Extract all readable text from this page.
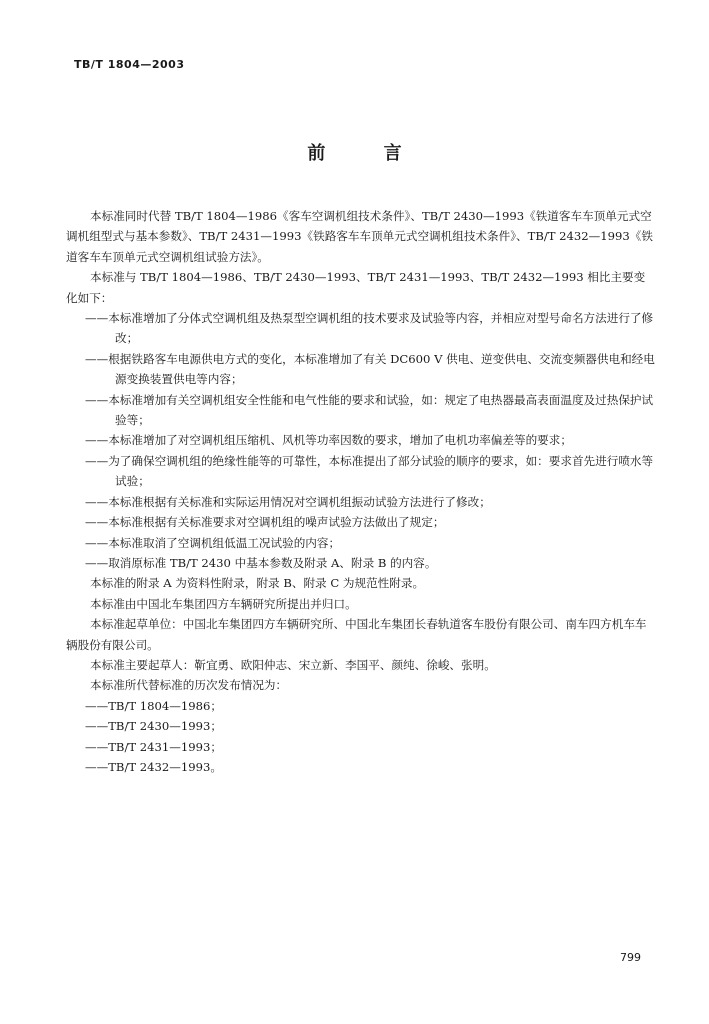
TB/T 1804—2003
前 言

本标准同时代替 TB/T 1804—1986《客车空调机组技术条件》、TB/T 2430—1993《铁道客车车顶单元式空调机组型式与基本参数》、TB/T 2431—1993《铁路客车车顶单元式空调机组技术条件》、TB/T 2432—1993《铁道客车车顶单元式空调机组试验方法》。

本标准与 TB/T 1804—1986、TB/T 2430—1993、TB/T 2431—1993、TB/T 2432—1993 相比主要变化如下：

——本标准增加了分体式空调机组及热泵型空调机组的技术要求及试验等内容，并相应对型号命名方法进行了修改；

——根据铁路客车电源供电方式的变化，本标准增加了有关 DC600 V 供电、逆变供电、交流变频器供电和经电源变换装置供电等内容；

——本标准增加有关空调机组安全性能和电气性能的要求和试验，如：规定了电热器最高表面温度及过热保护试验等；

——本标准增加了对空调机组压缩机、风机等功率因数的要求，增加了电机功率偏差等的要求；

——为了确保空调机组的绝缘性能等的可靠性，本标准提出了部分试验的顺序的要求，如：要求首先进行喷水等试验；

——本标准根据有关标准和实际运用情况对空调机组振动试验方法进行了修改；

——本标准根据有关标准要求对空调机组的噪声试验方法做出了规定；

——本标准取消了空调机组低温工况试验的内容；

——取消原标准 TB/T 2430 中基本参数及附录 A、附录 B 的内容。

本标准的附录 A 为资料性附录，附录 B、附录 C 为规范性附录。

本标准由中国北车集团四方车辆研究所提出并归口。

本标准起草单位：中国北车集团四方车辆研究所、中国北车集团长春轨道客车股份有限公司、南车四方机车车辆股份有限公司。

本标准主要起草人：靳宜勇、欧阳仲志、宋立新、李国平、颜纯、徐峻、张明。

本标准所代替标准的历次发布情况为：

——TB/T 1804—1986；

——TB/T 2430—1993；

——TB/T 2431—1993；

——TB/T 2432—1993。

799
